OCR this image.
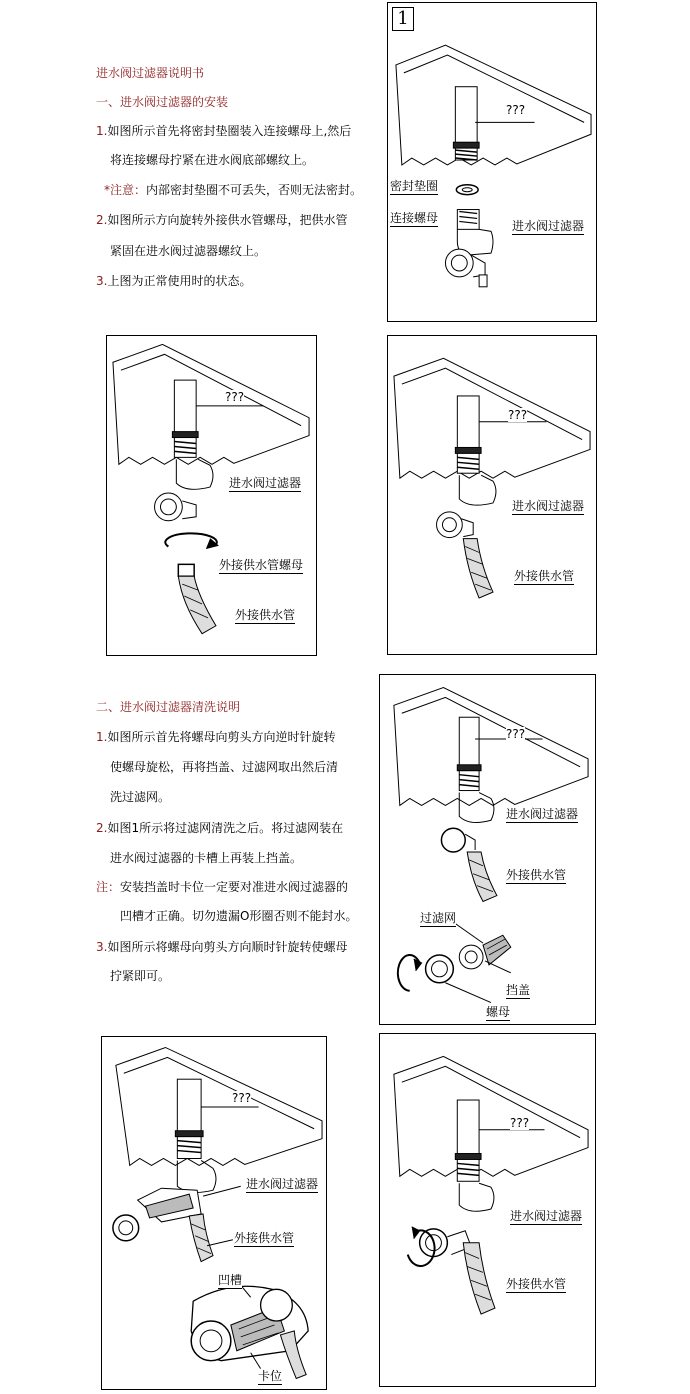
进水阀过滤器说明书
一、进水阀过滤器的安装
1.如图所示首先将密封垫圈装入连接螺母上,然后
将连接螺母拧紧在进水阀底部螺纹上。
*注意：内部密封垫圈不可丢失，否则无法密封。
2.如图所示方向旋转外接供水管螺母，把供水管
紧固在进水阀过滤器螺纹上。
3.上图为正常使用时的状态。
二、进水阀过滤器清洗说明
1.如图所示首先将螺母向剪头方向逆时针旋转
使螺母旋松，再将挡盖、过滤网取出然后清
洗过滤网。
2.如图1所示将过滤网清洗之后。将过滤网装在
进水阀过滤器的卡槽上再装上挡盖。
注：安装挡盖时卡位一定要对准进水阀过滤器的
凹槽才正确。切勿遗漏O形圈否则不能封水。
3.如图所示将螺母向剪头方向顺时针旋转使螺母
拧紧即可。
1
???
密封垫圈
连接螺母
进水阀过滤器
???
进水阀过滤器
外接供水管螺母
外接供水管
???
进水阀过滤器
外接供水管
???
进水阀过滤器
外接供水管
过滤网
挡盖
螺母
???
进水阀过滤器
外接供水管
凹槽
卡位
???
进水阀过滤器
外接供水管
